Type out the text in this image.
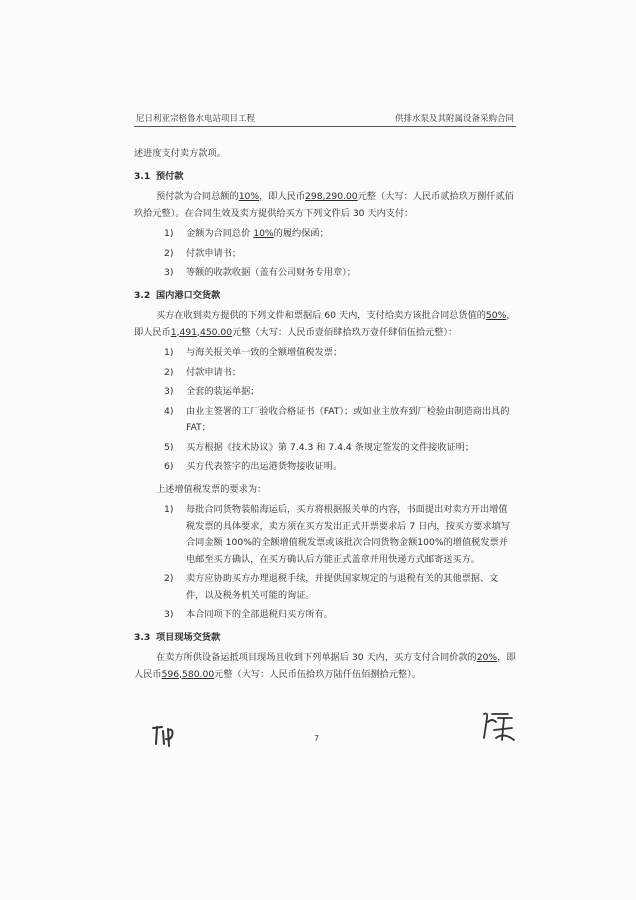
尼日利亚宗格鲁水电站项目工程	供排水泵及其附属设备采购合同

述进度支付卖方款项。

3.1 预付款

预付款为合同总额的10%，即人民币298,290.00元整（大写：人民币贰拾玖万捌仟贰佰玖拾元整）。在合同生效及卖方提供给买方下列文件后 30 天内支付：

1) 金额为合同总价 10%的履约保函；
2) 付款申请书；
3) 等额的收款收据（盖有公司财务专用章）；

3.2 国内港口交货款

买方在收到卖方提供的下列文件和票据后 60 天内，支付给卖方该批合同总货值的50%，即人民币1,491,450.00元整（大写：人民币壹佰肆拾玖万壹仟肆佰伍拾元整）：

1) 与海关报关单一致的全额增值税发票；
2) 付款申请书；
3) 全套的装运单据；
4) 由业主签署的工厂验收合格证书（FAT）；或如业主放弃到厂检验由制造商出具的 FAT；
5) 买方根据《技术协议》第 7.4.3 和 7.4.4 条规定签发的文件接收证明；
6) 买方代表签字的出运港货物接收证明。

上述增值税发票的要求为：

1) 每批合同货物装船海运后，买方将根据报关单的内容，书面提出对卖方开出增值税发票的具体要求，卖方须在买方发出正式开票要求后 7 日内，按买方要求填写合同金额 100%的全额增值税发票或该批次合同货物金额100%的增值税发票并电邮至买方确认，在买方确认后方能正式盖章并用快递方式邮寄送买方。
2) 卖方应协助买方办理退税手续，并提供国家规定的与退税有关的其他票据、文件，以及税务机关可能的询证。
3) 本合同项下的全部退税归买方所有。

3.3 项目现场交货款

在卖方所供设备运抵项目现场且收到下列单据后 30 天内，买方支付合同价款的20%，即人民币596,580.00元整（大写：人民币伍拾玖万陆仟伍佰捌拾元整）。

7
